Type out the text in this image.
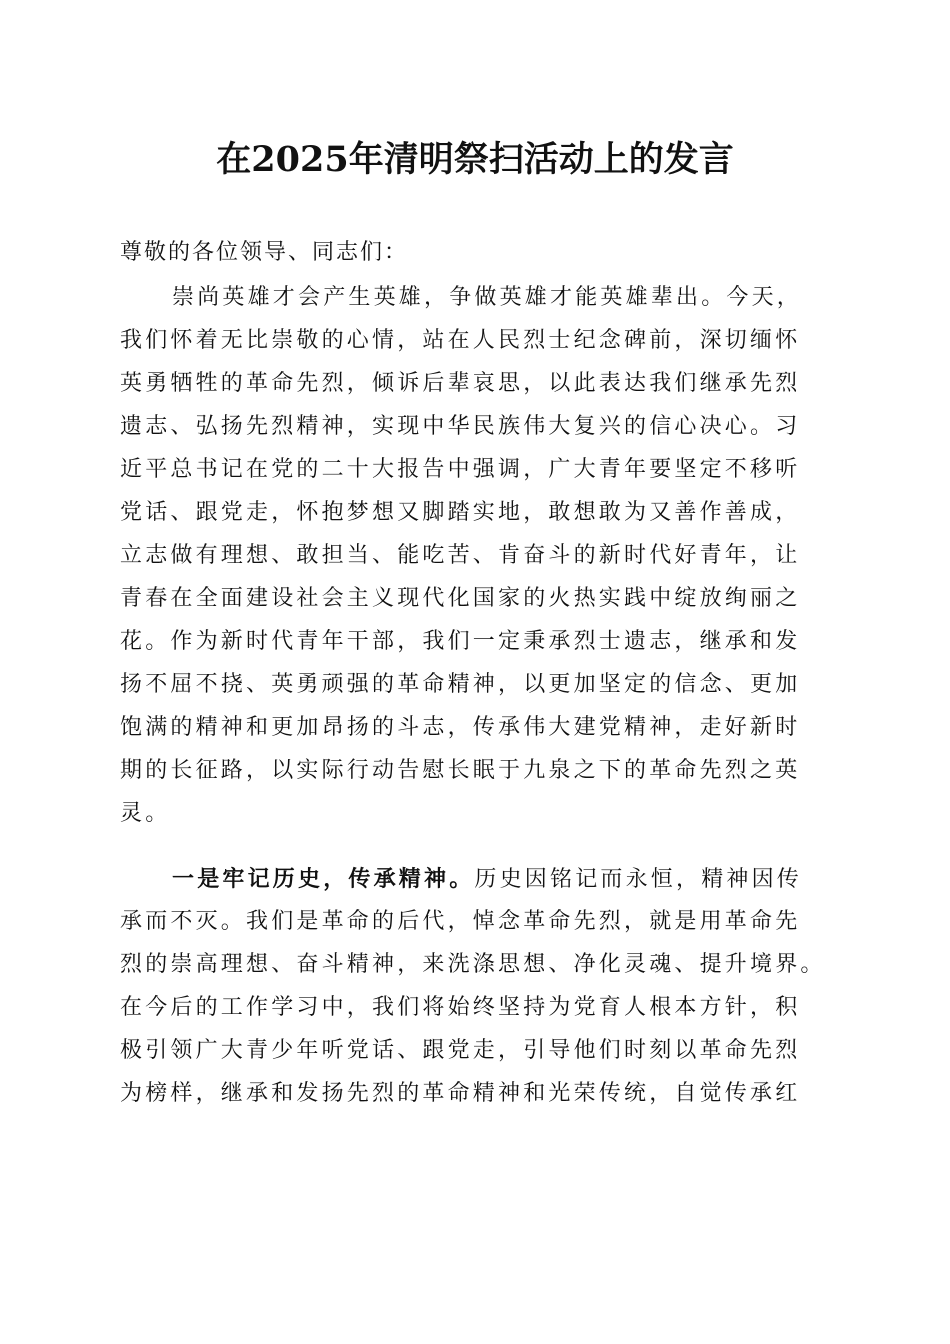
在2025年清明祭扫活动上的发言

尊敬的各位领导、同志们：

崇尚英雄才会产生英雄，争做英雄才能英雄辈出。今天，

我们怀着无比崇敬的心情，站在人民烈士纪念碑前，深切缅怀

英勇牺牲的革命先烈，倾诉后辈哀思，以此表达我们继承先烈

遗志、弘扬先烈精神，实现中华民族伟大复兴的信心决心。习

近平总书记在党的二十大报告中强调，广大青年要坚定不移听

党话、跟党走，怀抱梦想又脚踏实地，敢想敢为又善作善成，

立志做有理想、敢担当、能吃苦、肯奋斗的新时代好青年，让

青春在全面建设社会主义现代化国家的火热实践中绽放绚丽之

花。作为新时代青年干部，我们一定秉承烈士遗志，继承和发

扬不屈不挠、英勇顽强的革命精神，以更加坚定的信念、更加

饱满的精神和更加昂扬的斗志，传承伟大建党精神，走好新时

期的长征路，以实际行动告慰长眠于九泉之下的革命先烈之英

灵。

一是牢记历史，传承精神。历史因铭记而永恒，精神因传

承而不灭。我们是革命的后代，悼念革命先烈，就是用革命先

烈的崇高理想、奋斗精神，来洗涤思想、净化灵魂、提升境界。

在今后的工作学习中，我们将始终坚持为党育人根本方针，积

极引领广大青少年听党话、跟党走，引导他们时刻以革命先烈

为榜样，继承和发扬先烈的革命精神和光荣传统，自觉传承红
